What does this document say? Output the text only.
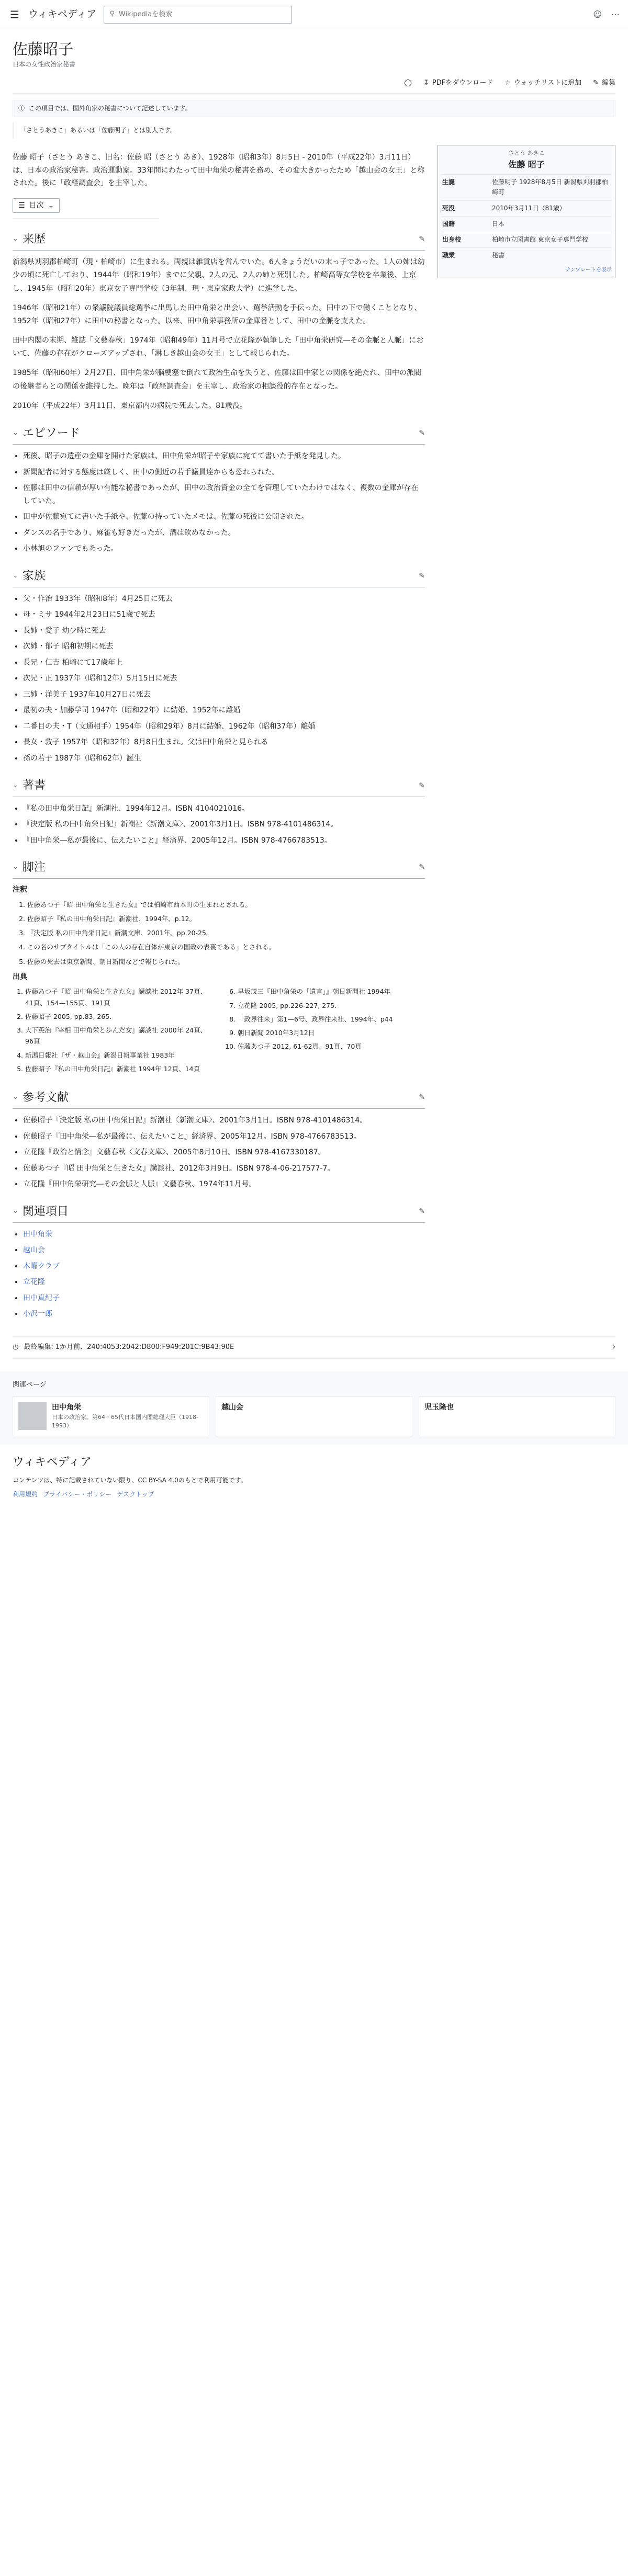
☰ ウィキペディア ⚲
Wikipediaを検索	☺ ⋯
佐藤昭子
日本の女性政治家秘書
◯ ↧ PDFをダウンロード ☆ ウォッチリストに追加 ✎ 編集
ⓘ この項目では、国外角家の秘書について記述しています。
「さとうあきこ」あるいは「佐藤明子」とは別人です。

佐藤 昭子（さとう あきこ、旧名：佐藤 昭（さとう あき）、1928年（昭和3年）8月5日 - 2010年（平成22年）3月11日）は、日本の政治家秘書。政治運動家。33年間にわたって田中角栄の秘書を務め、その変大きかったため「越山会の女王」と称された。後に「政経調査会」を主宰した。

☰ 目次 ⌄
⌄ 来歴	✎

新潟県刈羽郡柏崎町（現・柏崎市）に生まれる。両親は雑貨店を営んでいた。6人きょうだいの末っ子であった。1人の姉は幼少の頃に死亡しており、1944年（昭和19年）までに父親、2人の兄、2人の姉と死別した。柏崎高等女学校を卒業後、上京し、1945年（昭和20年）東京女子専門学校（3年制、現・東京家政大学）に進学した。

1946年（昭和21年）の衆議院議員総選挙に出馬した田中角栄と出会い、選挙活動を手伝った。田中の下で働くこととなり、1952年（昭和27年）に田中の秘書となった。以来、田中角栄事務所の金庫番として、田中の金脈を支えた。

田中内閣の末期、雑誌「文藝春秋」1974年（昭和49年）11月号で立花隆が執筆した「田中角栄研究―その金脈と人脈」において、佐藤の存在がクローズアップされ、「淋しき越山会の女王」として報じられた。

1985年（昭和60年）2月27日、田中角栄が脳梗塞で倒れて政治生命を失うと、佐藤は田中家との関係を絶たれ、田中の派閥の後継者らとの関係を維持した。晩年は「政経調査会」を主宰し、政治家の相談役的存在となった。

2010年（平成22年）3月11日、東京都内の病院で死去した。81歳没。

⌄ エピソード	✎
• 死後、昭子の遺産の金庫を開けた家族は、田中角栄が昭子や家族に宛てて書いた手紙を発見した。
• 新聞記者に対する態度は厳しく、田中の側近の若手議員達からも恐れられた。
• 佐藤は田中の信頼が厚い有能な秘書であったが、田中の政治資金の全てを管理していたわけではなく、複数の金庫が存在していた。
• 田中が佐藤宛てに書いた手紙や、佐藤の持っていたメモは、佐藤の死後に公開された。
• ダンスの名手であり、麻雀も好きだったが、酒は飲めなかった。
• 小林旭のファンでもあった。
⌄ 家族	✎
• 父・作治 1933年（昭和8年）4月25日に死去
• 母・ミサ 1944年2月23日に51歳で死去
• 長姉・愛子 幼少時に死去
• 次姉・郁子 昭和初期に死去
• 長兄・仁吉 柏崎にて17歳年上
• 次兄・正 1937年（昭和12年）5月15日に死去
• 三姉・洋美子 1937年10月27日に死去
• 最初の夫・加藤学司 1947年（昭和22年）に結婚、1952年に離婚
• 二番目の夫・T（文通相手）1954年（昭和29年）8月に結婚、1962年（昭和37年）離婚
• 長女・敦子 1957年（昭和32年）8月8日生まれ。父は田中角栄と見られる
• 孫の若子 1987年（昭和62年）誕生
⌄ 著書	✎
• 『私の田中角栄日記』新潮社、1994年12月。ISBN 4104021016。
• 『決定版 私の田中角栄日記』新潮社〈新潮文庫〉、2001年3月1日。ISBN 978-4101486314。
• 『田中角栄―私が最後に、伝えたいこと』経済界、2005年12月。ISBN 978-4766783513。
⌄ 脚注	✎
注釈
1. 佐藤あつ子『昭 田中角栄と生きた女』では柏崎市西本町の生まれとされる。
2. 佐藤昭子『私の田中角栄日記』新潮社、1994年、p.12。
3. 『決定版 私の田中角栄日記』新潮文庫、2001年、pp.20-25。
4. この名のサブタイトルは「この人の存在自体が東京の国政の表裏である」とされる。
5. 佐藤の死去は東京新聞、朝日新聞などで報じられた。
出典
1. 佐藤あつ子『昭 田中角栄と生きた女』講談社 2012年 37頁、41頁、154—155頁、191頁
2. 佐藤昭子 2005, pp.83, 265.
3. 大下英治『宰相 田中角栄と歩んだ女』講談社 2000年 24頁、96頁
4. 新潟日報社『ザ・越山会』新潟日報事業社 1983年
5. 佐藤昭子『私の田中角栄日記』新潮社 1994年 12頁、14頁
6. 早坂茂三『田中角栄の「遺言」』朝日新聞社 1994年
7. 立花隆 2005, pp.226-227, 275.
8. 「政界往来」第1—6号、政界往来社、1994年、p44
9. 朝日新聞 2010年3月12日
10. 佐藤あつ子 2012, 61-62頁、91頁、70頁
⌄ 参考文献	✎
• 佐藤昭子『決定版 私の田中角栄日記』新潮社〈新潮文庫〉、2001年3月1日。ISBN 978-4101486314。
• 佐藤昭子『田中角栄―私が最後に、伝えたいこと』経済界、2005年12月。ISBN 978-4766783513。
• 立花隆『政治と情念』文藝春秋〈文春文庫〉、2005年8月10日。ISBN 978-4167330187。
• 佐藤あつ子『昭 田中角栄と生きた女』講談社、2012年3月9日。ISBN 978-4-06-217577-7。
• 立花隆『田中角栄研究―その金脈と人脈』文藝春秋、1974年11月号。
⌄ 関連項目	✎
• 田中角栄
• 越山会
• 木曜クラブ
• 立花隆
• 田中真紀子
• 小沢一郎
さとう あきこ
佐藤 昭子
生誕	佐藤明子 1928年8月5日 新潟県刈羽郡柏崎町
死没	2010年3月11日（81歳）
国籍	日本
出身校	柏崎市立図書館 東京女子専門学校
職業	秘書
テンプレートを表示
◷ 最終編集: 1か月前、240:4053:2042:D800:F949:201C:9B43:90E	›
関連ページ
田中角栄
日本の政治家。第64・65代日本国内閣総理大臣（1918-1993）
越山会	児玉隆也
ウィキペディア
コンテンツは、特に記載されていない限り、CC BY-SA 4.0のもとで利用可能です。
利用規約 プライバシー・ポリシー デスクトップ
